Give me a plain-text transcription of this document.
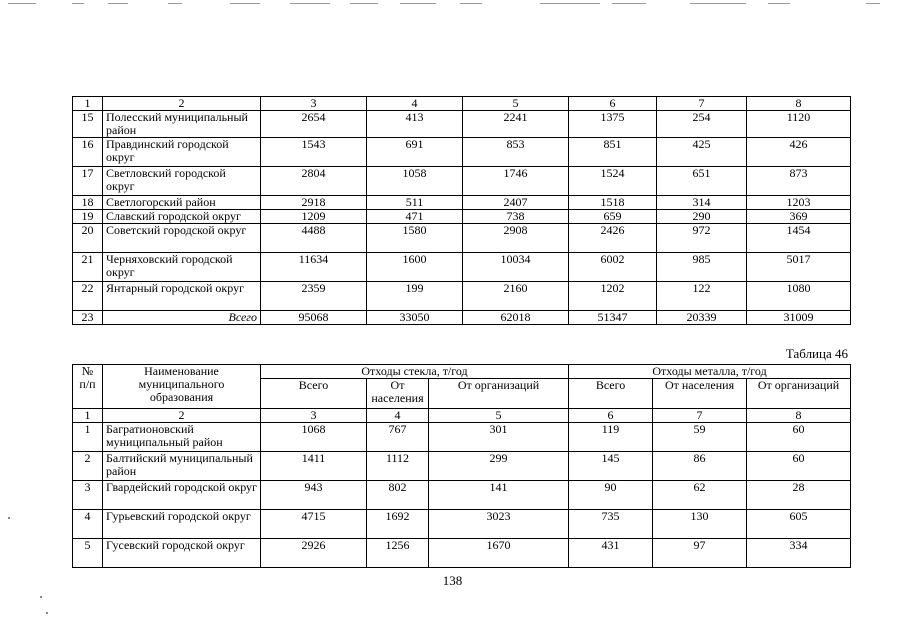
1	2	3	4	5	6	7	8
15	Полесский муниципальный район	2654	413	2241	1375	254	1120
16	Правдинский городской округ	1543	691	853	851	425	426
17	Светловский городской округ	2804	1058	1746	1524	651	873
18	Светлогорский район	2918	511	2407	1518	314	1203
19	Славский городской округ	1209	471	738	659	290	369
20	Советский городской округ	4488	1580	2908	2426	972	1454
21	Черняховский городской округ	11634	1600	10034	6002	985	5017
22	Янтарный городской округ	2359	199	2160	1202	122	1080
23	Всего	95068	33050	62018	51347	20339	31009
Таблица 46
№ п/п	Наименование муниципального образования	Отходы стекла, т/год			Отходы металла, т/год		
		Всего	От населения	От организаций	Всего	От населения	От организаций
1	2	3	4	5	6	7	8
1	Багратионовский муниципальный район	1068	767	301	119	59	60
2	Балтийский муниципальный район	1411	1112	299	145	86	60
3	Гвардейский городской округ	943	802	141	90	62	28
4	Гурьевский городской округ	4715	1692	3023	735	130	605
5	Гусевский городской округ	2926	1256	1670	431	97	334
138
